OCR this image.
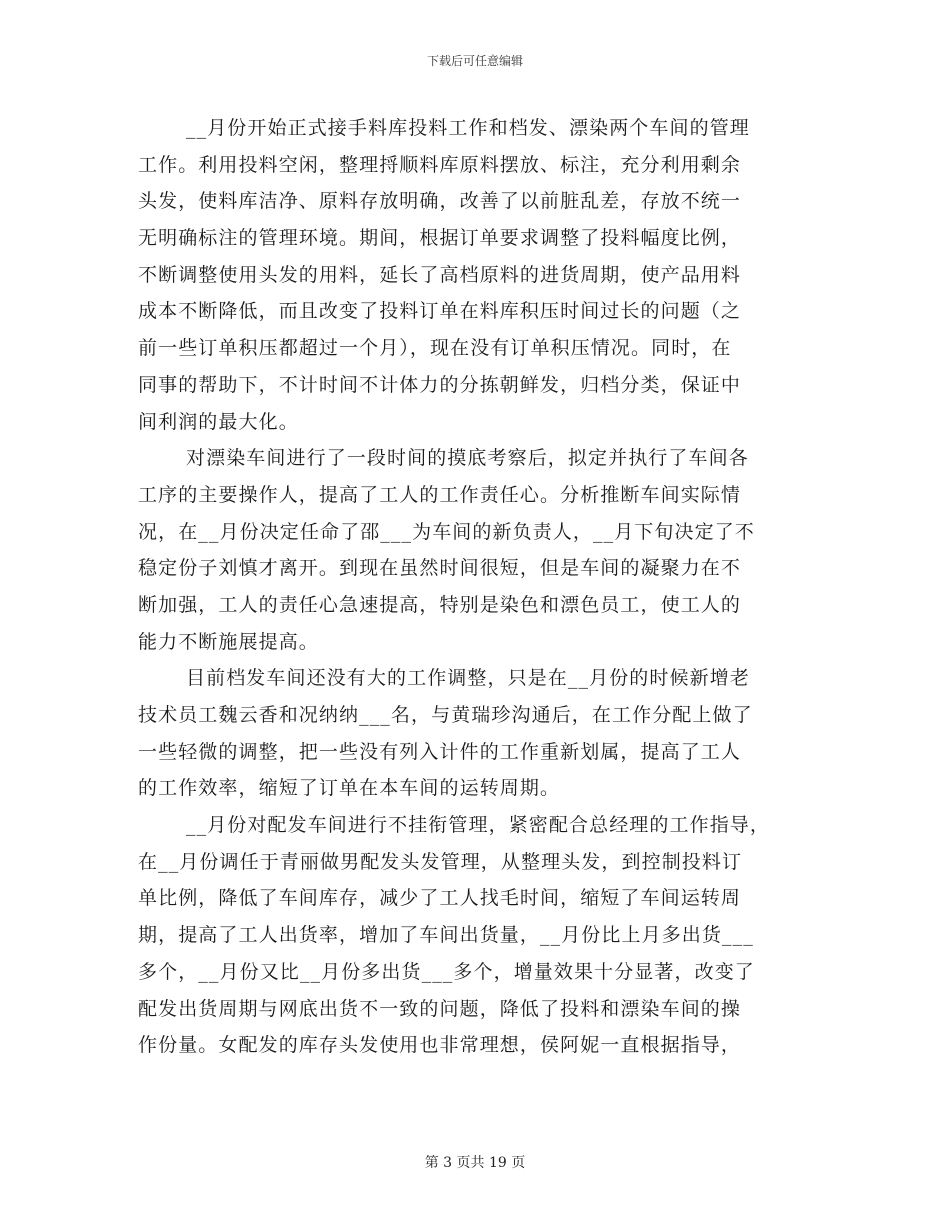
下载后可任意编辑
__月份开始正式接手料库投料工作和档发、漂染两个车间的管理
工作。利用投料空闲，整理捋顺料库原料摆放、标注，充分利用剩余
头发，使料库洁净、原料存放明确，改善了以前脏乱差，存放不统一
无明确标注的管理环境。期间，根据订单要求调整了投料幅度比例，
不断调整使用头发的用料，延长了高档原料的进货周期，使产品用料
成本不断降低，而且改变了投料订单在料库积压时间过长的问题（之
前一些订单积压都超过一个月），现在没有订单积压情况。同时，在
同事的帮助下，不计时间不计体力的分拣朝鲜发，归档分类，保证中
间利润的最大化。
对漂染车间进行了一段时间的摸底考察后，拟定并执行了车间各
工序的主要操作人，提高了工人的工作责任心。分析推断车间实际情
况，在__月份决定任命了邵___为车间的新负责人，__月下旬决定了不
稳定份子刘慎才离开。到现在虽然时间很短，但是车间的凝聚力在不
断加强，工人的责任心急速提高，特别是染色和漂色员工，使工人的
能力不断施展提高。
目前档发车间还没有大的工作调整，只是在__月份的时候新增老
技术员工魏云香和况纳纳___名，与黄瑞珍沟通后，在工作分配上做了
一些轻微的调整，把一些没有列入计件的工作重新划属，提高了工人
的工作效率，缩短了订单在本车间的运转周期。
__月份对配发车间进行不挂衔管理，紧密配合总经理的工作指导，
在__月份调任于青丽做男配发头发管理，从整理头发，到控制投料订
单比例，降低了车间库存，减少了工人找毛时间，缩短了车间运转周
期，提高了工人出货率，增加了车间出货量，__月份比上月多出货___
多个，__月份又比__月份多出货___多个，增量效果十分显著，改变了
配发出货周期与网底出货不一致的问题，降低了投料和漂染车间的操
作份量。女配发的库存头发使用也非常理想，侯阿妮一直根据指导，
第 3 页共 19 页
